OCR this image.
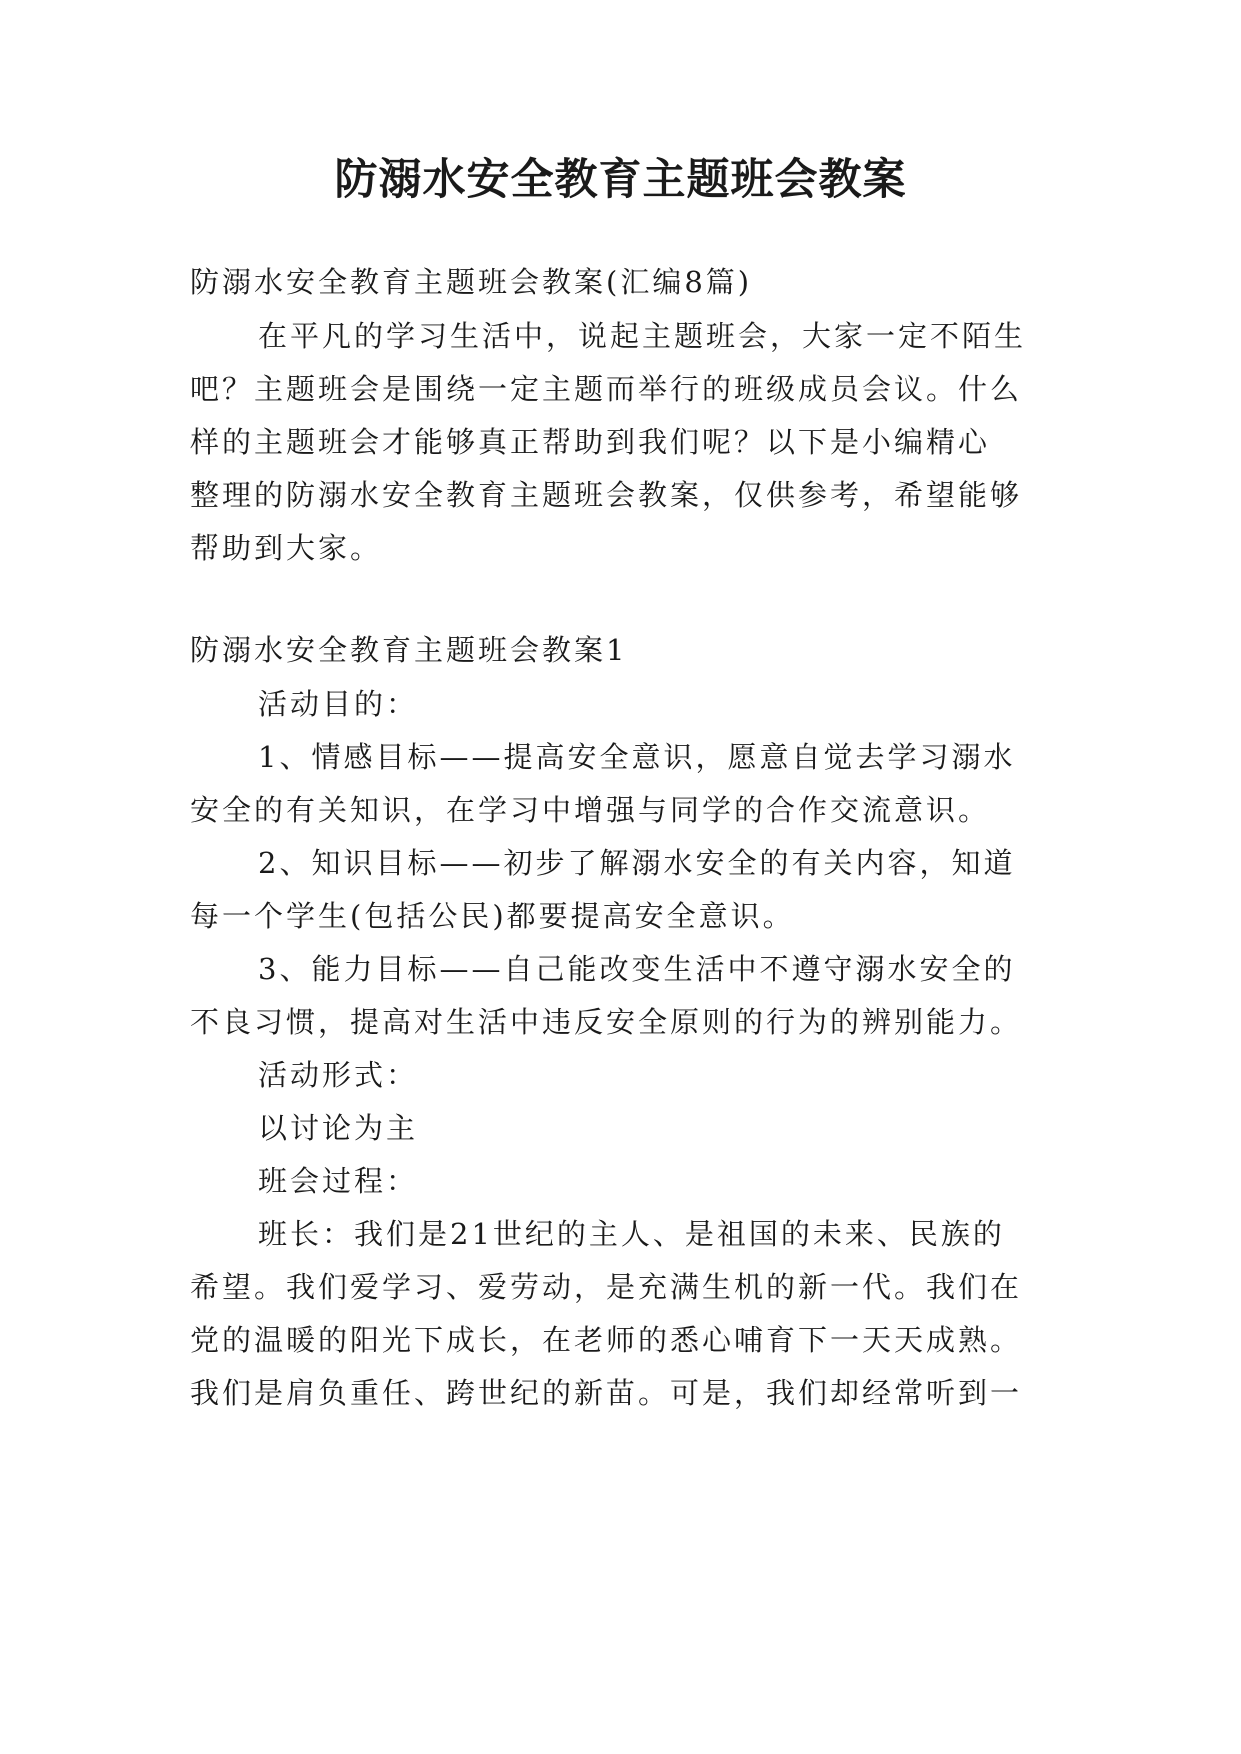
防溺水安全教育主题班会教案
防溺水安全教育主题班会教案(汇编8篇)
在平凡的学习生活中，说起主题班会，大家一定不陌生
吧？主题班会是围绕一定主题而举行的班级成员会议。什么
样的主题班会才能够真正帮助到我们呢？以下是小编精心
整理的防溺水安全教育主题班会教案，仅供参考，希望能够
帮助到大家。
防溺水安全教育主题班会教案1
活动目的：
1、情感目标——提高安全意识，愿意自觉去学习溺水
安全的有关知识，在学习中增强与同学的合作交流意识。
2、知识目标——初步了解溺水安全的有关内容，知道
每一个学生(包括公民)都要提高安全意识。
3、能力目标——自己能改变生活中不遵守溺水安全的
不良习惯，提高对生活中违反安全原则的行为的辨别能力。
活动形式：
以讨论为主
班会过程：
班长：我们是21世纪的主人、是祖国的未来、民族的
希望。我们爱学习、爱劳动，是充满生机的新一代。我们在
党的温暖的阳光下成长，在老师的悉心哺育下一天天成熟。
我们是肩负重任、跨世纪的新苗。可是，我们却经常听到一
